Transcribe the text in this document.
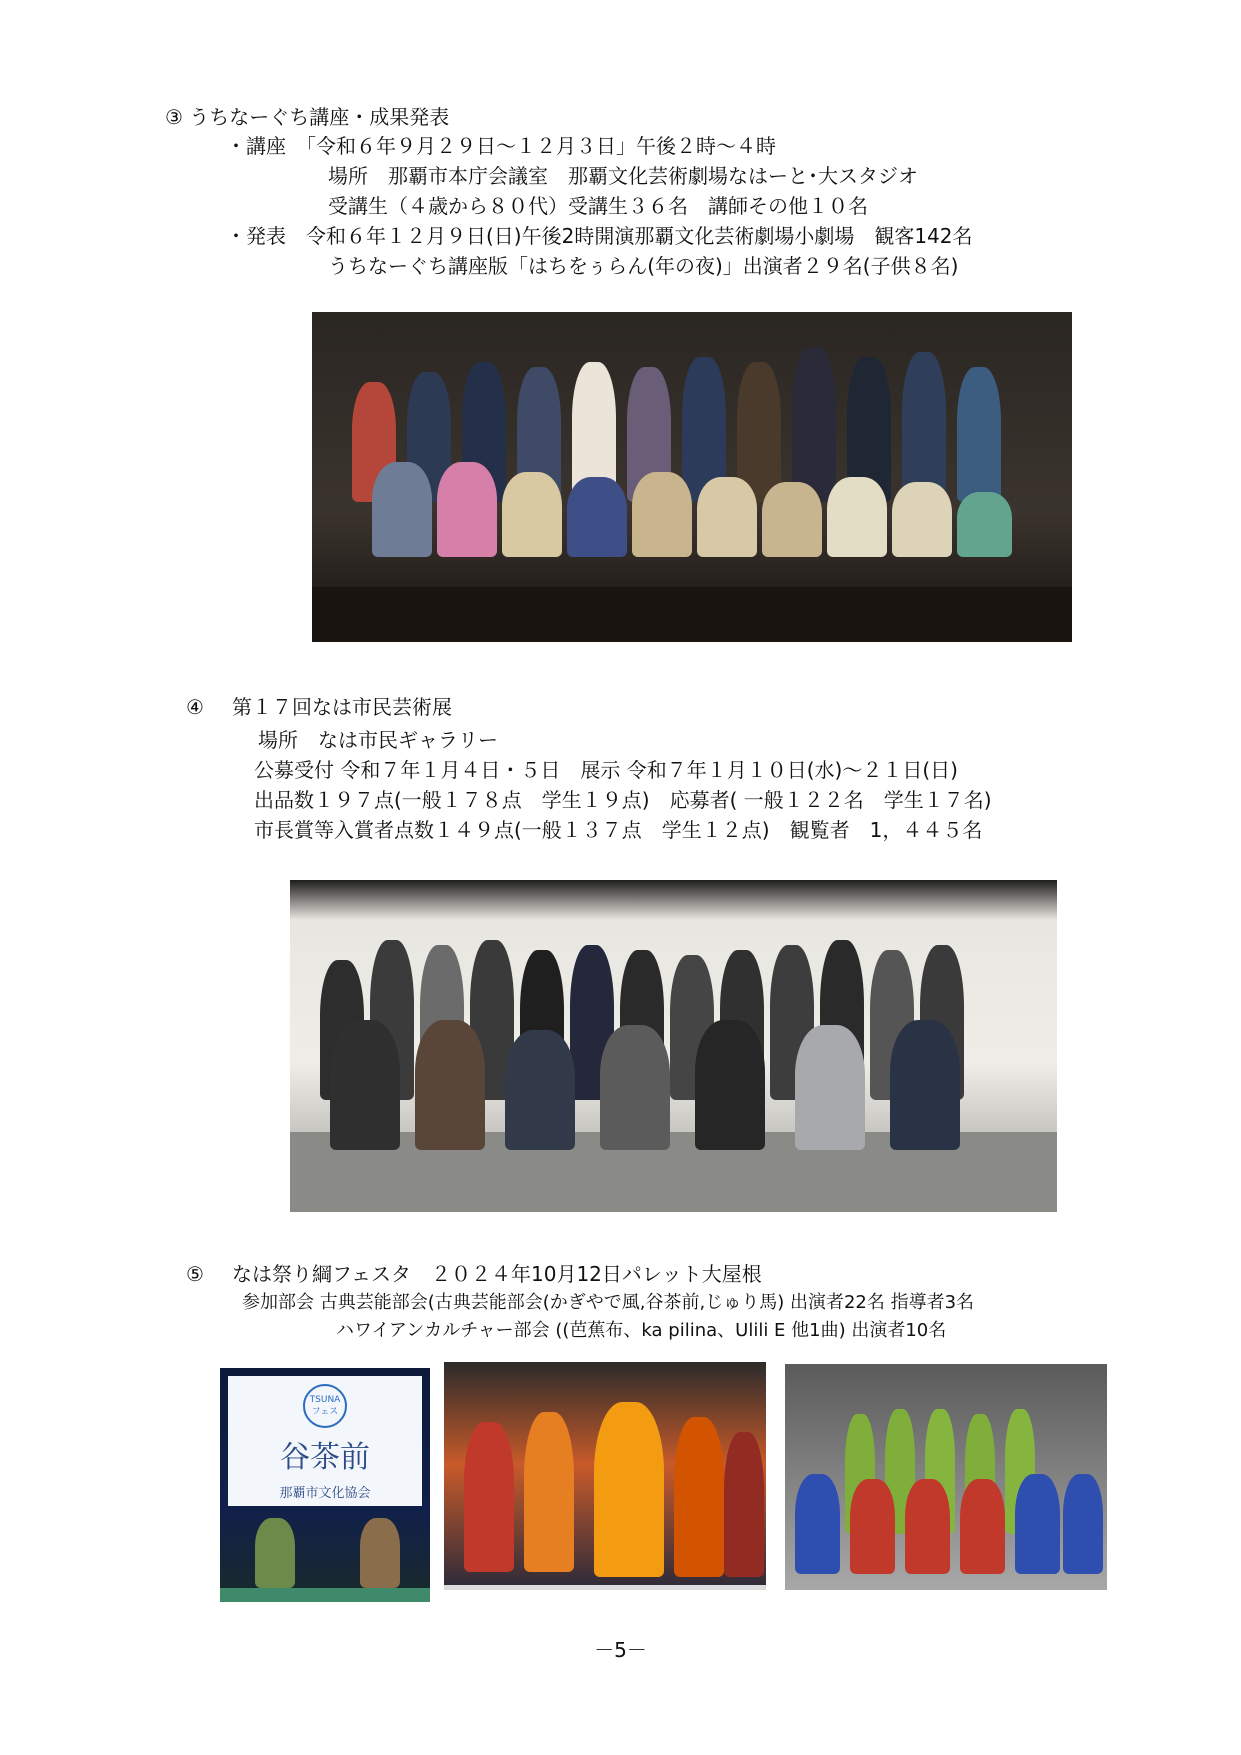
③ うちなーぐち講座・成果発表
・講座　「令和６年９月２９日～１２月３日」午後２時～４時
場所　那覇市本庁会議室　那覇文化芸術劇場なはーと･大スタジオ
受講生（４歳から８０代）受講生３６名　講師その他１０名
・発表　令和６年１２月９日(日)午後2時開演那覇文化芸術劇場小劇場　観客142名
うちなーぐち講座版「はちをぅらん(年の夜)」出演者２９名(子供８名)
④ 第１７回なは市民芸術展
場所　なは市民ギャラリー
公募受付 令和７年１月４日・５日　展示 令和７年１月１０日(水)～２１日(日)
出品数１９７点(一般１７８点　学生１９点)　応募者( 一般１２２名　学生１７名)
市長賞等入賞者点数１４９点(一般１３７点　学生１２点)　観覧者　1，４４５名
⑤ なは祭り綱フェスタ　２０２４年10月12日パレット大屋根
参加部会 古典芸能部会(古典芸能部会(かぎやで風,谷茶前,じゅり馬) 出演者22名 指導者3名
ハワイアンカルチャー部会 ((芭蕉布、ka pilina、Ulili E 他1曲) 出演者10名
TSUNA
フェス
谷茶前
那覇市文化協会
－5－
